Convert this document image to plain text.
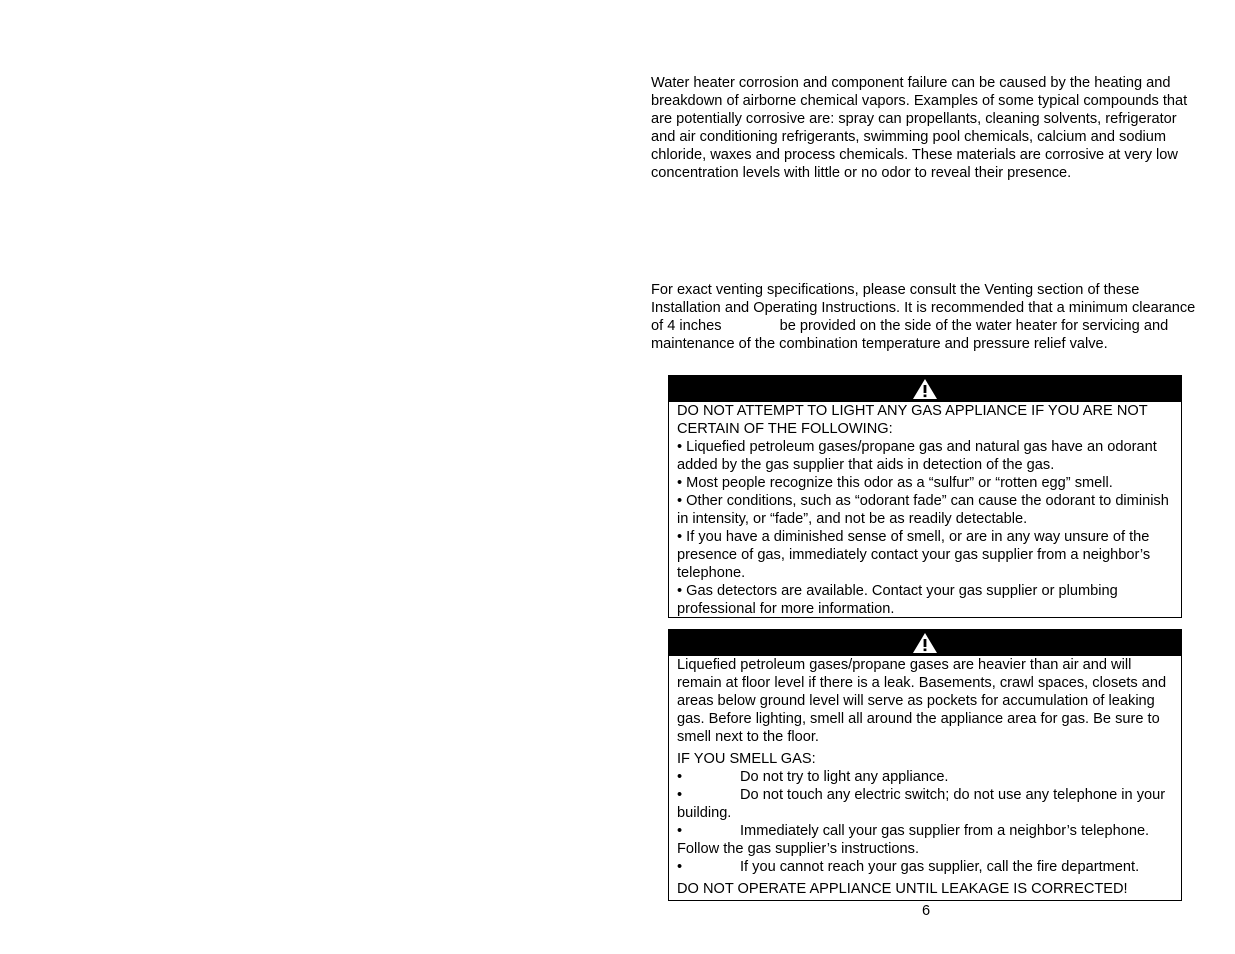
Water heater corrosion and component failure can be caused by the heating and breakdown of airborne chemical vapors. Examples of some typical compounds that are potentially corrosive are: spray can propellants, cleaning solvents, refrigerator and air conditioning refrigerants, swimming pool chemicals, calcium and sodium chloride, waxes and process chemicals. These materials are corrosive at very low concentration levels with little or no odor to reveal their presence.

For exact venting specifications, please consult the Venting section of these Installation and Operating Instructions. It is recommended that a minimum clearance of 4 inches	be provided on the side of the water heater for servicing and maintenance of the combination temperature and pressure relief valve.

DO NOT ATTEMPT TO LIGHT ANY GAS APPLIANCE IF YOU ARE NOT CERTAIN OF THE FOLLOWING:

• Liquefied petroleum gases/propane gas and natural gas have an odorant added by the gas supplier that aids in detection of the gas.

• Most people recognize this odor as a “sulfur” or “rotten egg” smell.

• Other conditions, such as “odorant fade” can cause the odorant to diminish in intensity, or “fade”, and not be as readily detectable.

• If you have a diminished sense of smell, or are in any way unsure of the presence of gas, immediately contact your gas supplier from a neighbor’s telephone.

• Gas detectors are available. Contact your gas supplier or plumbing professional for more information.

Liquefied petroleum gases/propane gases are heavier than air and will remain at floor level if there is a leak. Basements, crawl spaces, closets and areas below ground level will serve as pockets for accumulation of leaking gas. Before lighting, smell all around the appliance area for gas. Be sure to smell next to the floor.

IF YOU SMELL GAS:

•	Do not try to light any appliance.

•	Do not touch any electric switch; do not use any telephone in your building.

•	Immediately call your gas supplier from a neighbor’s telephone. Follow the gas supplier’s instructions.

•	If you cannot reach your gas supplier, call the fire department.

DO NOT OPERATE APPLIANCE UNTIL LEAKAGE IS CORRECTED!

6
